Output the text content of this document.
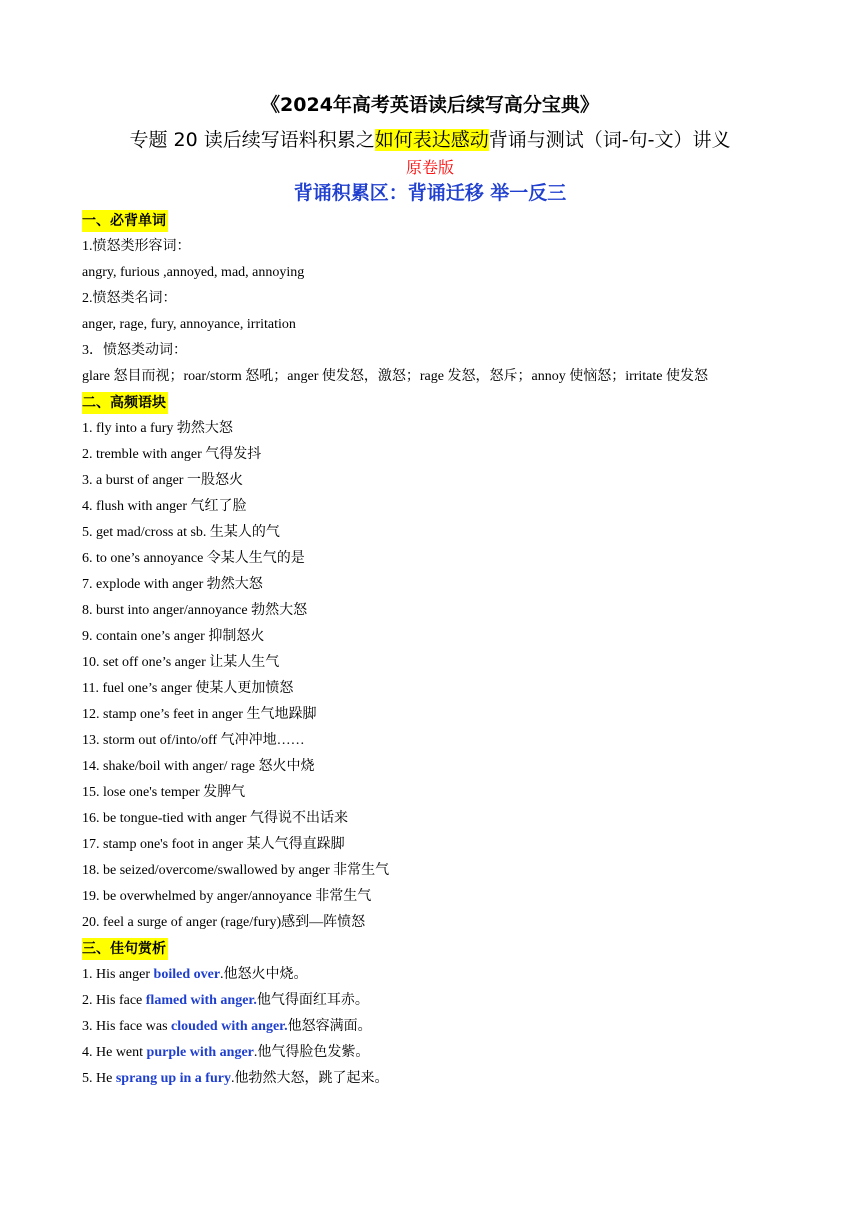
《2024年高考英语读后续写高分宝典》
专题 20 读后续写语料积累之如何表达感动背诵与测试（词-句-文）讲义
原卷版
背诵积累区：背诵迁移 举一反三
一、必背单词
1.愤怒类形容词：
angry, furious ,annoyed, mad, annoying
2.愤怒类名词：
anger, rage, fury, annoyance, irritation
3．愤怒类动词：
glare 怒目而视；roar/storm 怒吼；anger 使发怒，激怒；rage 发怒，怒斥；annoy 使恼怒；irritate 使发怒
二、高频语块
1. fly into a fury 勃然大怒
2. tremble with anger 气得发抖
3. a burst of anger 一股怒火
4. flush with anger 气红了脸
5. get mad/cross at sb. 生某人的气
6. to one’s annoyance 令某人生气的是
7. explode with anger 勃然大怒
8. burst into anger/annoyance 勃然大怒
9. contain one’s anger 抑制怒火
10. set off one’s anger 让某人生气
11. fuel one’s anger 使某人更加愤怒
12. stamp one’s feet in anger 生气地跺脚
13. storm out of/into/off 气冲冲地……
14. shake/boil with anger/ rage 怒火中烧
15. lose one's temper 发脾气
16. be tongue-tied with anger 气得说不出话来
17. stamp one's foot in anger 某人气得直跺脚
18. be seized/overcome/swallowed by anger 非常生气
19. be overwhelmed by anger/annoyance 非常生气
20. feel a surge of anger (rage/fury)感到—阵愤怒
三、佳句赏析
1. His anger boiled over.他怒火中烧。
2. His face flamed with anger.他气得面红耳赤。
3. His face was clouded with anger.他怒容满面。
4. He went purple with anger.他气得脸色发紫。
5. He sprang up in a fury.他勃然大怒，跳了起来。
